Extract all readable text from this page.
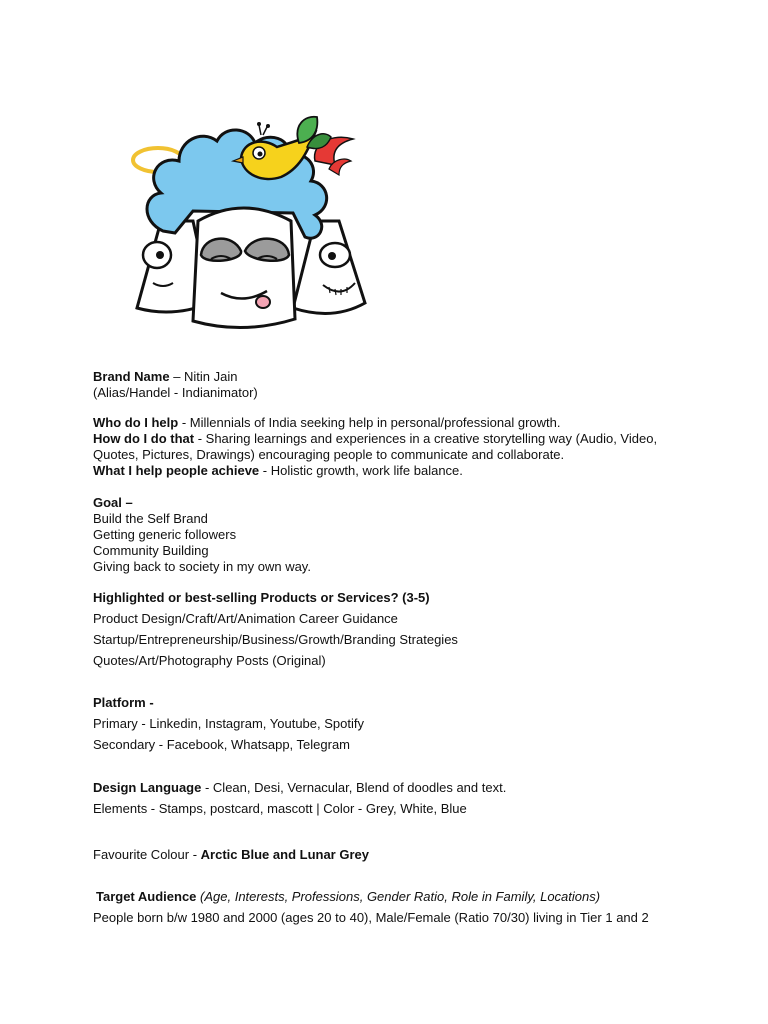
Brand Name – Nitin Jain
(Alias/Handel - Indianimator)
Who do I help - Millennials of India seeking help in personal/professional growth.
How do I do that - Sharing learnings and experiences in a creative storytelling way (Audio, Video,
Quotes, Pictures, Drawings) encouraging people to communicate and collaborate.
What I help people achieve - Holistic growth, work life balance.
Goal –
Build the Self Brand
Getting generic followers
Community Building
Giving back to society in my own way.
Highlighted or best-selling Products or Services? (3-5)
Product Design/Craft/Art/Animation Career Guidance
Startup/Entrepreneurship/Business/Growth/Branding Strategies
Quotes/Art/Photography Posts (Original)
Platform -
Primary - Linkedin, Instagram, Youtube, Spotify
Secondary - Facebook, Whatsapp, Telegram
Design Language - Clean, Desi, Vernacular, Blend of doodles and text.
Elements - Stamps, postcard, mascott | Color - Grey, White, Blue
Favourite Colour - Arctic Blue and Lunar Grey
Target Audience (Age, Interests, Professions, Gender Ratio, Role in Family, Locations)
People born b/w 1980 and 2000 (ages 20 to 40), Male/Female (Ratio 70/30) living in Tier 1 and 2
